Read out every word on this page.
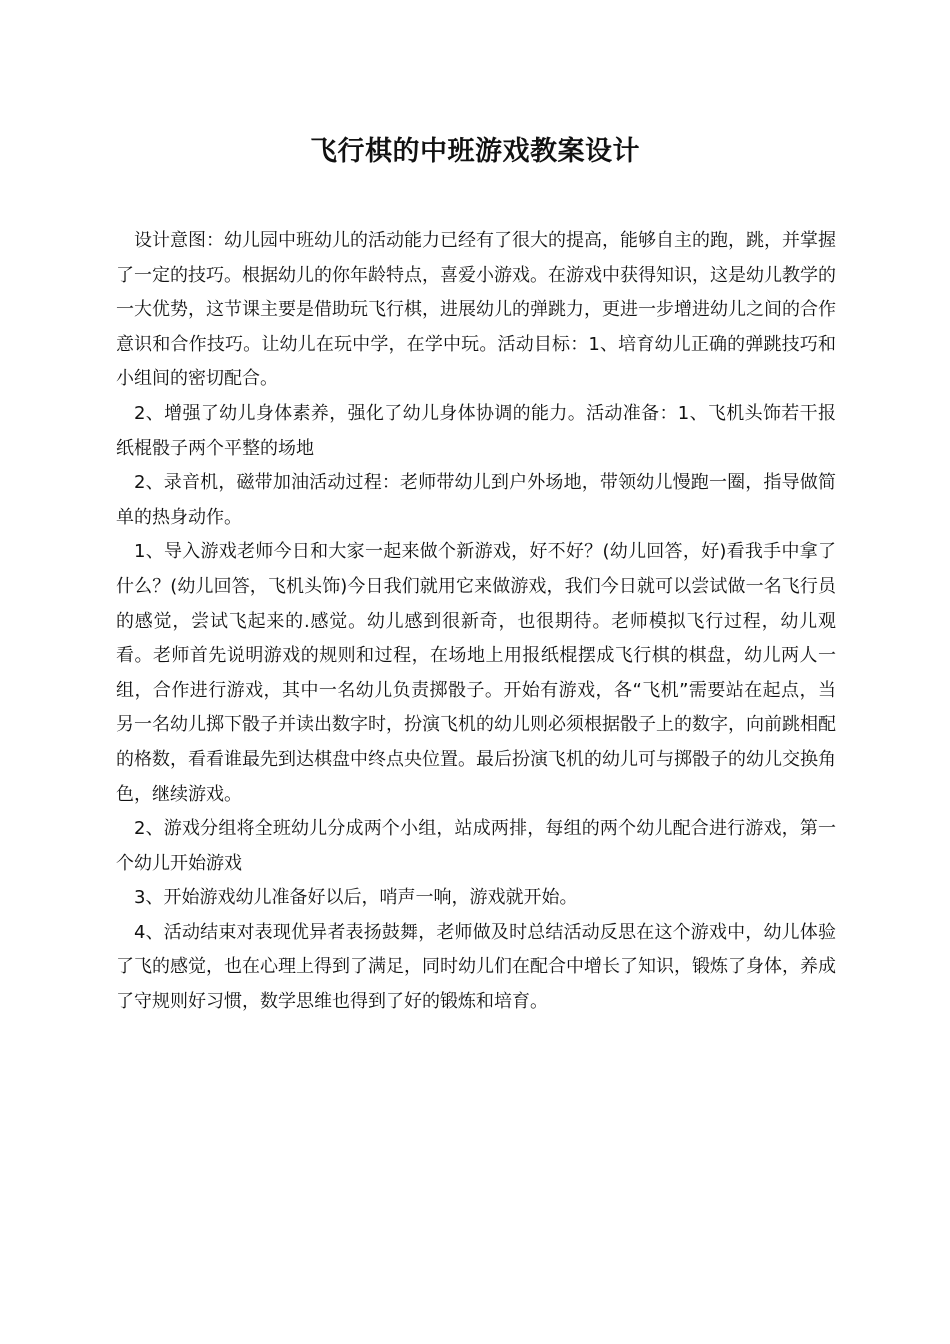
飞行棋的中班游戏教案设计

设计意图：幼儿园中班幼儿的活动能力已经有了很大的提高，能够自主的跑，跳，并掌握了一定的技巧。根据幼儿的你年龄特点，喜爱小游戏。在游戏中获得知识，这是幼儿教学的一大优势，这节课主要是借助玩飞行棋，进展幼儿的弹跳力，更进一步增进幼儿之间的合作意识和合作技巧。让幼儿在玩中学，在学中玩。活动目标：1、培育幼儿正确的弹跳技巧和小组间的密切配合。

2、增强了幼儿身体素养，强化了幼儿身体协调的能力。活动准备：1、飞机头饰若干报纸棍骰子两个平整的场地

2、录音机，磁带加油活动过程：老师带幼儿到户外场地，带领幼儿慢跑一圈，指导做简单的热身动作。

1、导入游戏老师今日和大家一起来做个新游戏，好不好？(幼儿回答，好)看我手中拿了什么？(幼儿回答，飞机头饰)今日我们就用它来做游戏，我们今日就可以尝试做一名飞行员的感觉，尝试飞起来的.感觉。幼儿感到很新奇，也很期待。老师模拟飞行过程，幼儿观看。老师首先说明游戏的规则和过程，在场地上用报纸棍摆成飞行棋的棋盘，幼儿两人一组，合作进行游戏，其中一名幼儿负责掷骰子。开始有游戏，各“飞机”需要站在起点，当另一名幼儿掷下骰子并读出数字时，扮演飞机的幼儿则必须根据骰子上的数字，向前跳相配的格数，看看谁最先到达棋盘中终点央位置。最后扮演飞机的幼儿可与掷骰子的幼儿交换角色，继续游戏。

2、游戏分组将全班幼儿分成两个小组，站成两排，每组的两个幼儿配合进行游戏，第一个幼儿开始游戏

3、开始游戏幼儿准备好以后，哨声一响，游戏就开始。

4、活动结束对表现优异者表扬鼓舞，老师做及时总结活动反思在这个游戏中，幼儿体验了飞的感觉，也在心理上得到了满足，同时幼儿们在配合中增长了知识，锻炼了身体，养成了守规则好习惯，数学思维也得到了好的锻炼和培育。
